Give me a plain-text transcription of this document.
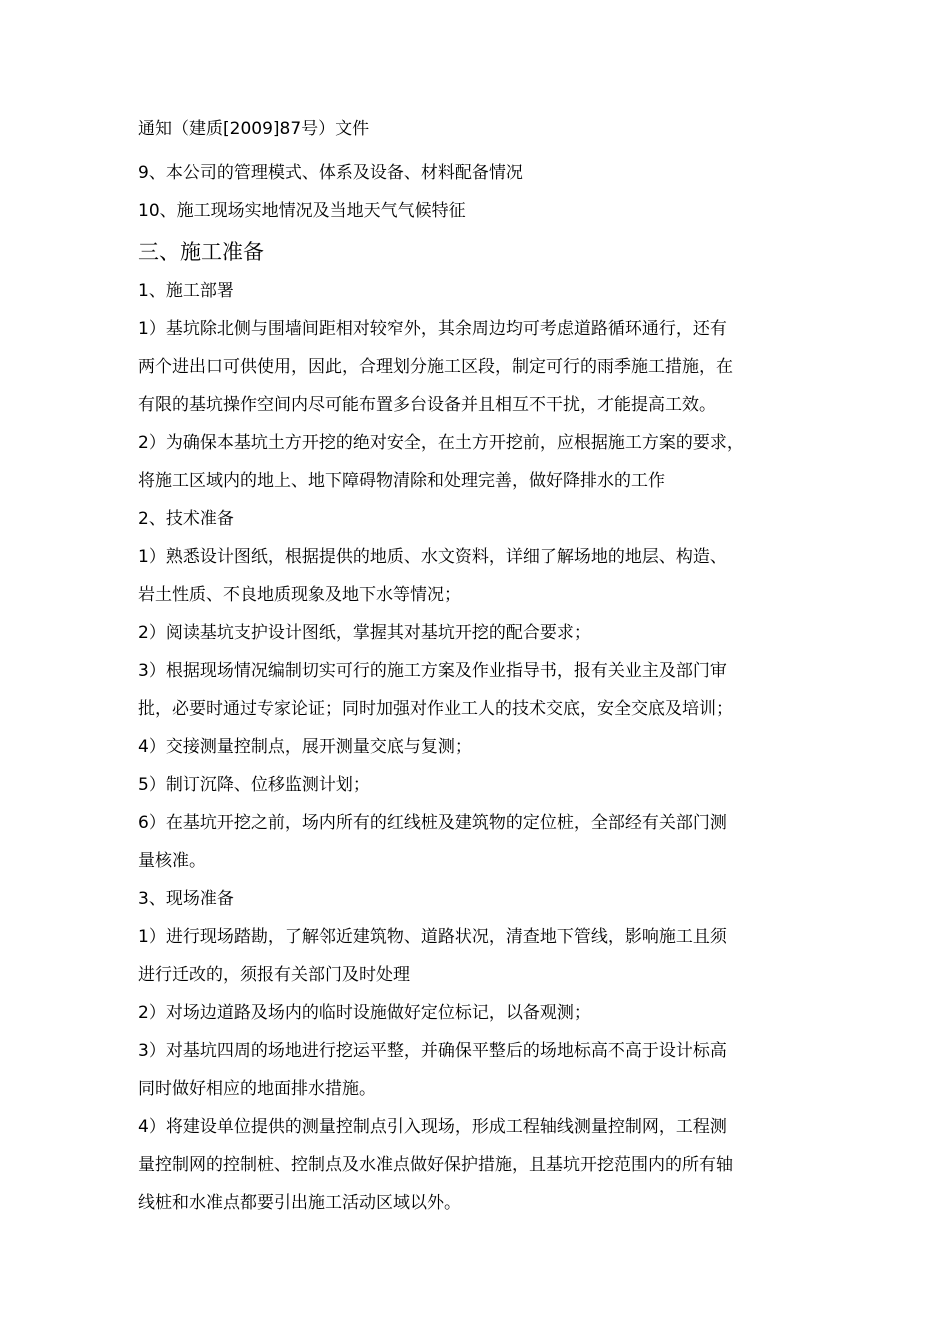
通知（建质[2009]87号）文件
9、本公司的管理模式、体系及设备、材料配备情况
10、施工现场实地情况及当地天气气候特征
三、施工准备
1、施工部署
1）基坑除北侧与围墙间距相对较窄外，其余周边均可考虑道路循环通行，还有
两个进出口可供使用，因此，合理划分施工区段，制定可行的雨季施工措施，在
有限的基坑操作空间内尽可能布置多台设备并且相互不干扰，才能提高工效。
2）为确保本基坑土方开挖的绝对安全，在土方开挖前，应根据施工方案的要求，
将施工区域内的地上、地下障碍物清除和处理完善，做好降排水的工作
2、技术准备
1）熟悉设计图纸，根据提供的地质、水文资料，详细了解场地的地层、构造、
岩土性质、不良地质现象及地下水等情况；
2）阅读基坑支护设计图纸，掌握其对基坑开挖的配合要求；
3）根据现场情况编制切实可行的施工方案及作业指导书，报有关业主及部门审
批，必要时通过专家论证；同时加强对作业工人的技术交底，安全交底及培训；
4）交接测量控制点，展开测量交底与复测；
5）制订沉降、位移监测计划；
6）在基坑开挖之前，场内所有的红线桩及建筑物的定位桩，全部经有关部门测
量核准。
3、现场准备
1）进行现场踏勘，了解邻近建筑物、道路状况，清查地下管线，影响施工且须
进行迁改的，须报有关部门及时处理
2）对场边道路及场内的临时设施做好定位标记，以备观测；
3）对基坑四周的场地进行挖运平整，并确保平整后的场地标高不高于设计标高
同时做好相应的地面排水措施。
4）将建设单位提供的测量控制点引入现场，形成工程轴线测量控制网，工程测
量控制网的控制桩、控制点及水准点做好保护措施，且基坑开挖范围内的所有轴
线桩和水准点都要引出施工活动区域以外。
